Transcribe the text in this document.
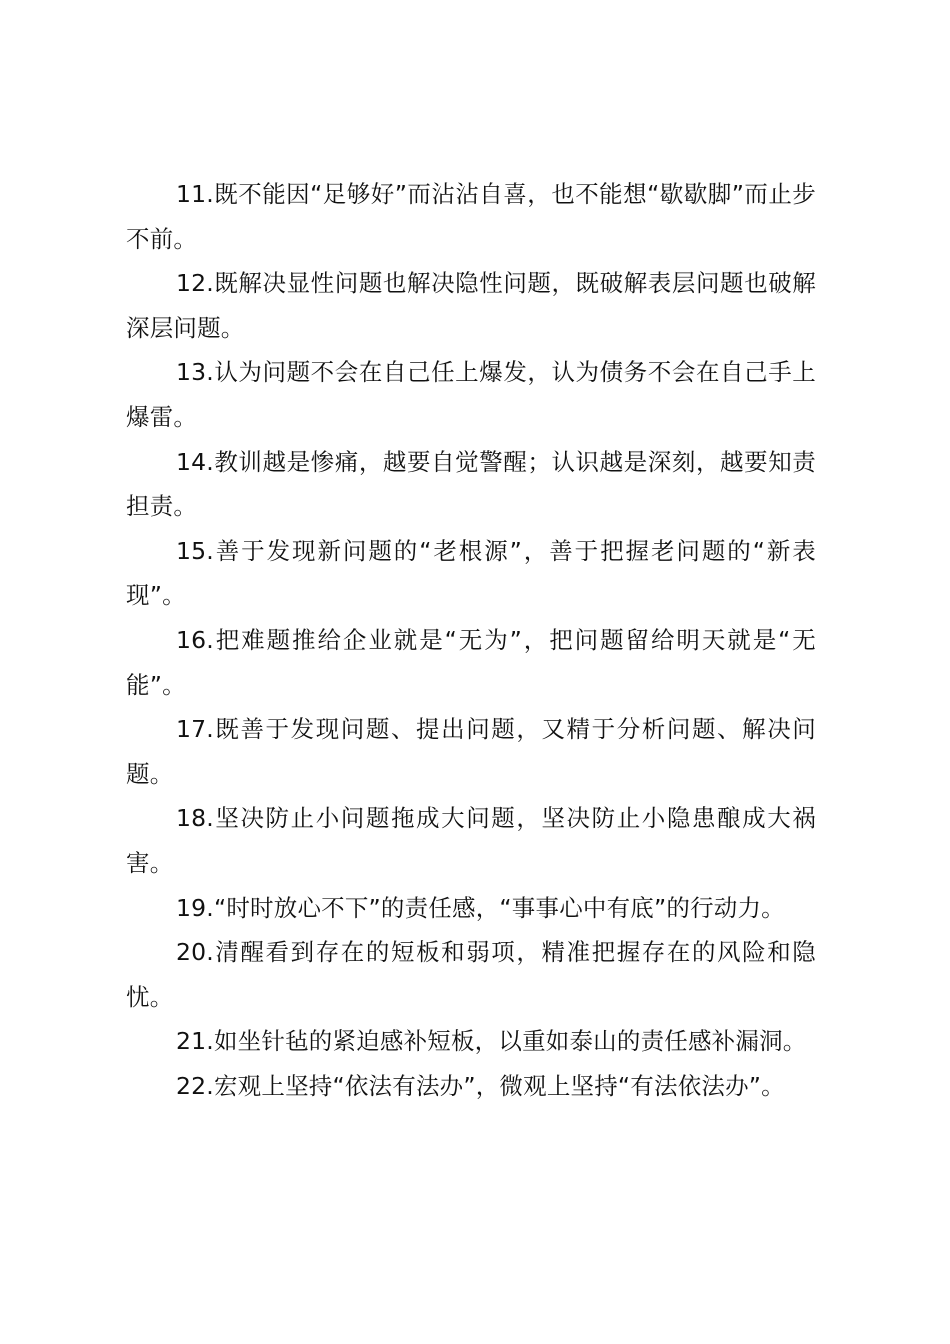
11.既不能因“足够好”而沾沾自喜，也不能想“歇歇脚”而止步不前。

12.既解决显性问题也解决隐性问题，既破解表层问题也破解深层问题。

13.认为问题不会在自己任上爆发，认为债务不会在自己手上爆雷。

14.教训越是惨痛，越要自觉警醒；认识越是深刻，越要知责担责。

15.善于发现新问题的“老根源”，善于把握老问题的“新表现”。

16.把难题推给企业就是“无为”，把问题留给明天就是“无能”。

17.既善于发现问题、提出问题，又精于分析问题、解决问题。

18.坚决防止小问题拖成大问题，坚决防止小隐患酿成大祸害。

19.“时时放心不下”的责任感，“事事心中有底”的行动力。

20.清醒看到存在的短板和弱项，精准把握存在的风险和隐忧。

21.如坐针毡的紧迫感补短板，以重如泰山的责任感补漏洞。

22.宏观上坚持“依法有法办”，微观上坚持“有法依法办”。
